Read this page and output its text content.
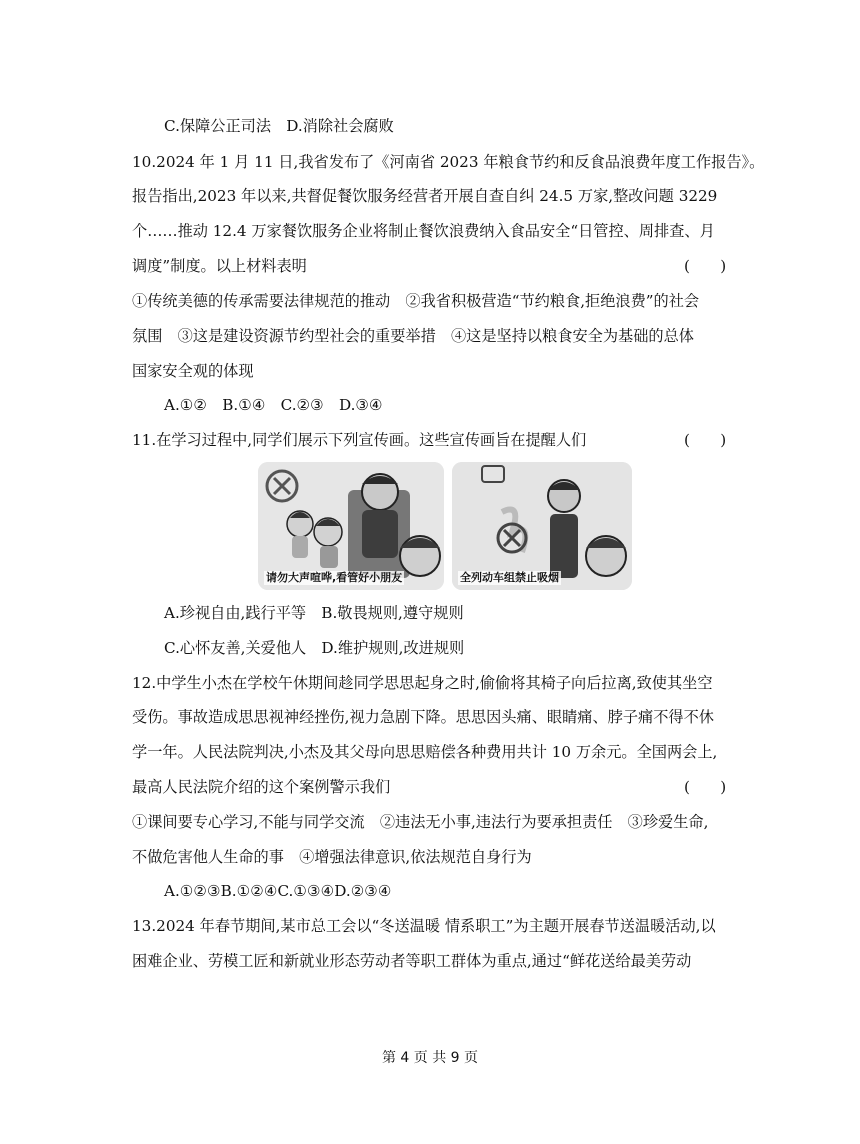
C.保障公正司法　D.消除社会腐败
10.2024 年 1 月 11 日,我省发布了《河南省 2023 年粮食节约和反食品浪费年度工作报告》。
报告指出,2023 年以来,共督促餐饮服务经营者开展自查自纠 24.5 万家,整改问题 3229
个……推动 12.4 万家餐饮服务企业将制止餐饮浪费纳入食品安全“日管控、周排查、月
调度”制度。以上材料表明	(　　)
①传统美德的传承需要法律规范的推动　②我省积极营造“节约粮食,拒绝浪费”的社会
氛围　③这是建设资源节约型社会的重要举措　④这是坚持以粮食安全为基础的总体
国家安全观的体现
A.①②　B.①④　C.②③　D.③④
11.在学习过程中,同学们展示下列宣传画。这些宣传画旨在提醒人们	(　　)
请勿大声喧哗,看管好小朋友	全列动车组禁止吸烟
A.珍视自由,践行平等　B.敬畏规则,遵守规则
C.心怀友善,关爱他人　D.维护规则,改进规则
12.中学生小杰在学校午休期间趁同学思思起身之时,偷偷将其椅子向后拉离,致使其坐空
受伤。事故造成思思视神经挫伤,视力急剧下降。思思因头痛、眼睛痛、脖子痛不得不休
学一年。人民法院判决,小杰及其父母向思思赔偿各种费用共计 10 万余元。全国两会上,
最高人民法院介绍的这个案例警示我们	(　　)
①课间要专心学习,不能与同学交流　②违法无小事,违法行为要承担责任　③珍爱生命,
不做危害他人生命的事　④增强法律意识,依法规范自身行为
A.①②③B.①②④C.①③④D.②③④
13.2024 年春节期间,某市总工会以“冬送温暖 情系职工”为主题开展春节送温暖活动,以
困难企业、劳模工匠和新就业形态劳动者等职工群体为重点,通过“鲜花送给最美劳动
第 4 页 共 9 页
